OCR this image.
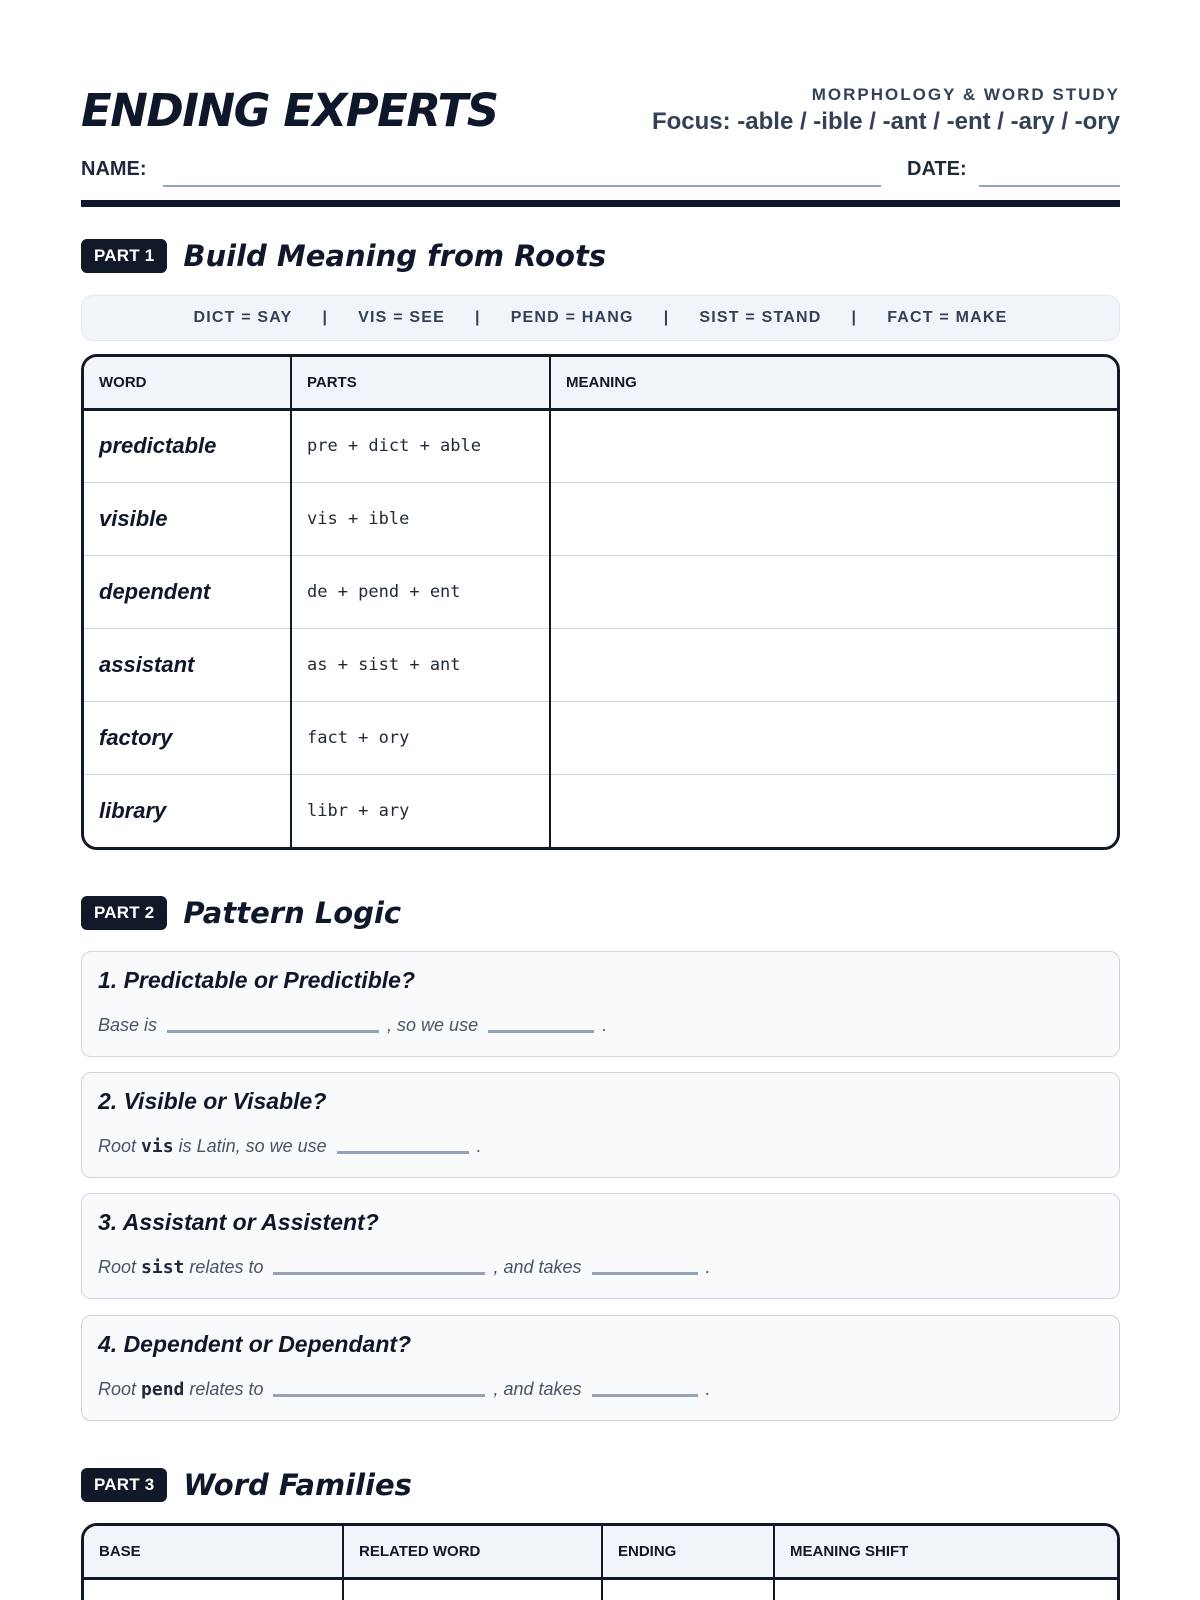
ENDING EXPERTS	MORPHOLOGY & WORD STUDY
Focus: -able / -ible / -ant / -ent / -ary / -ory
NAME:	DATE:
PART 1	Build Meaning from Roots
DICT = SAY | VIS = SEE | PEND = HANG | SIST = STAND | FACT = MAKE
WORD	PARTS	MEANING
predictable	pre + dict + able	
visible	vis + ible	
dependent	de + pend + ent	
assistant	as + sist + ant	
factory	fact + ory	
library	libr + ary	
PART 2	Pattern Logic
1. Predictable or Predictible?
Base is	, so we use	.
2. Visible or Visable?
Root
vis
is Latin, so we use	.
3. Assistant or Assistent?
Root
sist
relates to	, and takes	.
4. Dependent or Dependant?
Root
pend
relates to	, and takes	.
PART 3	Word Families
BASE	RELATED WORD	ENDING	MEANING SHIFT
